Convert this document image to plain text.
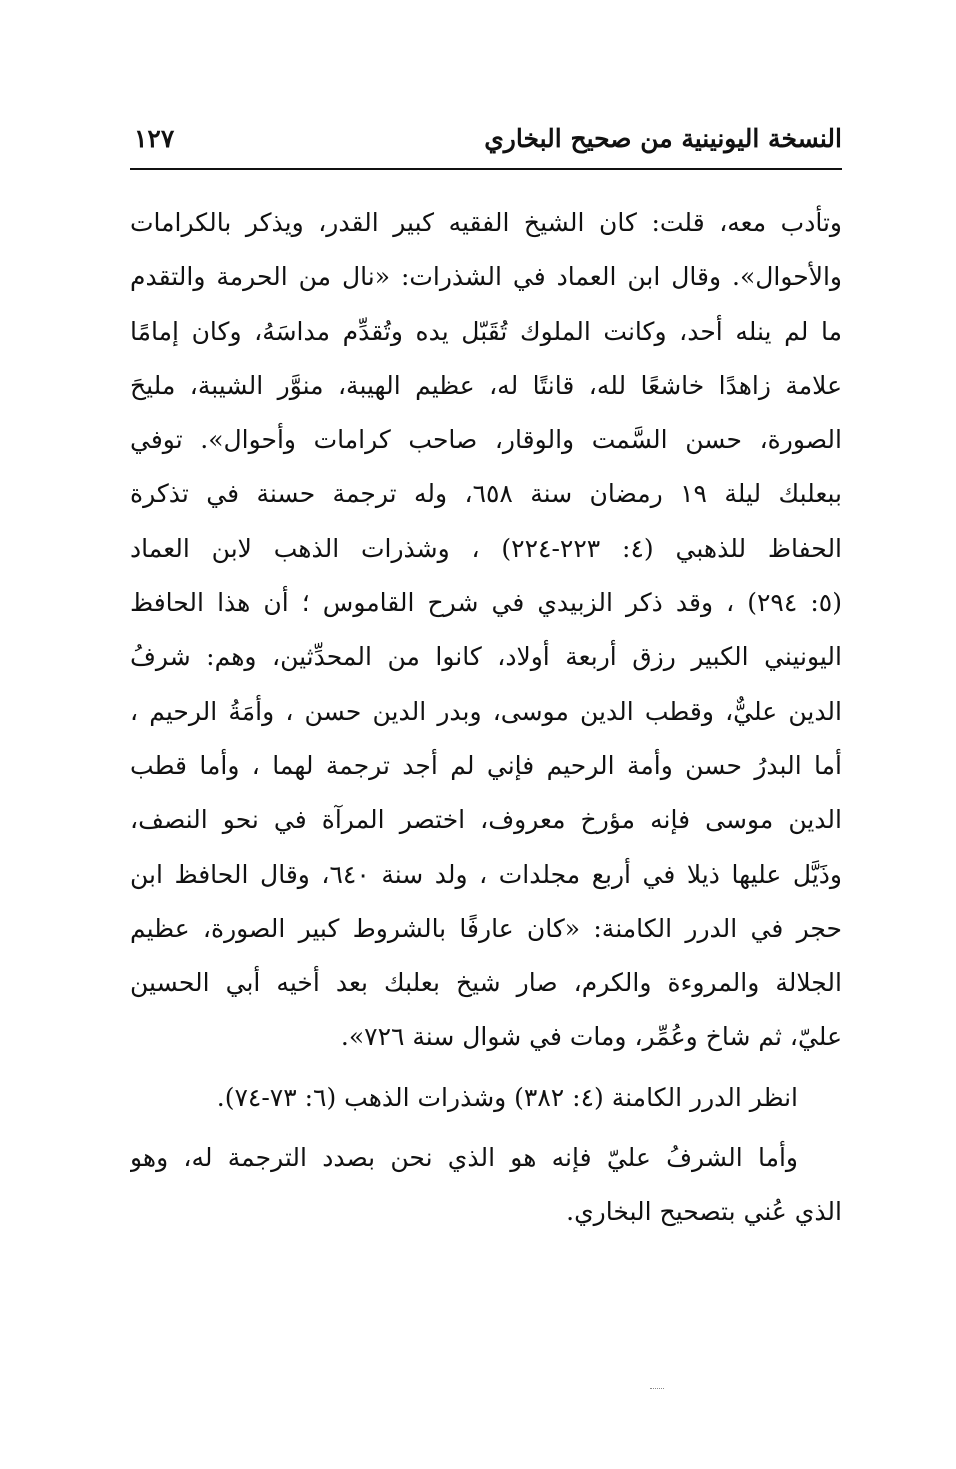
النسخة اليونينية من صحيح البخاري
١٢٧
وتأدب معه، قلت: كان الشيخ الفقيه كبير القدر، ويذكر بالكرامات
والأحوال». وقال ابن العماد في الشذرات: «نال من الحرمة والتقدم
ما لم ينله أحد، وكانت الملوك تُقَبّل يده وتُقدِّم مداسَهُ، وكان إمامًا
علامة زاهدًا خاشعًا لله، قانتًا له، عظيم الهيبة، منوَّر الشيبة، مليحَ
الصورة، حسن السَّمت والوقار، صاحب كرامات وأحوال». توفي
ببعلبك ليلة ١٩ رمضان سنة ٦٥٨، وله ترجمة حسنة في تذكرة
الحفاظ للذهبي (٤: ٢٢٣-٢٢٤) ، وشذرات الذهب لابن العماد
(٥: ٢٩٤) ، وقد ذكر الزبيدي في شرح القاموس ؛ أن هذا الحافظ
اليونيني الكبير رزق أربعة أولاد، كانوا من المحدِّثين، وهم: شرفُ
الدين عليٌّ، وقطب الدين موسى، وبدر الدين حسن ، وأمَةُ الرحيم ،
أما البدرُ حسن وأمة الرحيم فإني لم أجد ترجمة لهما ، وأما قطب
الدين موسى فإنه مؤرخ معروف، اختصر المرآة في نحو النصف،
وذَيَّل عليها ذيلا في أربع مجلدات ، ولد سنة ٦٤٠، وقال الحافظ ابن
حجر في الدرر الكامنة: «كان عارفًا بالشروط كبير الصورة، عظيم
الجلالة والمروءة والكرم، صار شيخ بعلبك بعد أخيه أبي الحسين
عليّ، ثم شاخ وعُمِّر، ومات في شوال سنة ٧٢٦».
انظر الدرر الكامنة (٤: ٣٨٢) وشذرات الذهب (٦: ٧٣-٧٤).
وأما الشرفُ عليّ فإنه هو الذي نحن بصدد الترجمة له، وهو
الذي عُني بتصحيح البخاري.
